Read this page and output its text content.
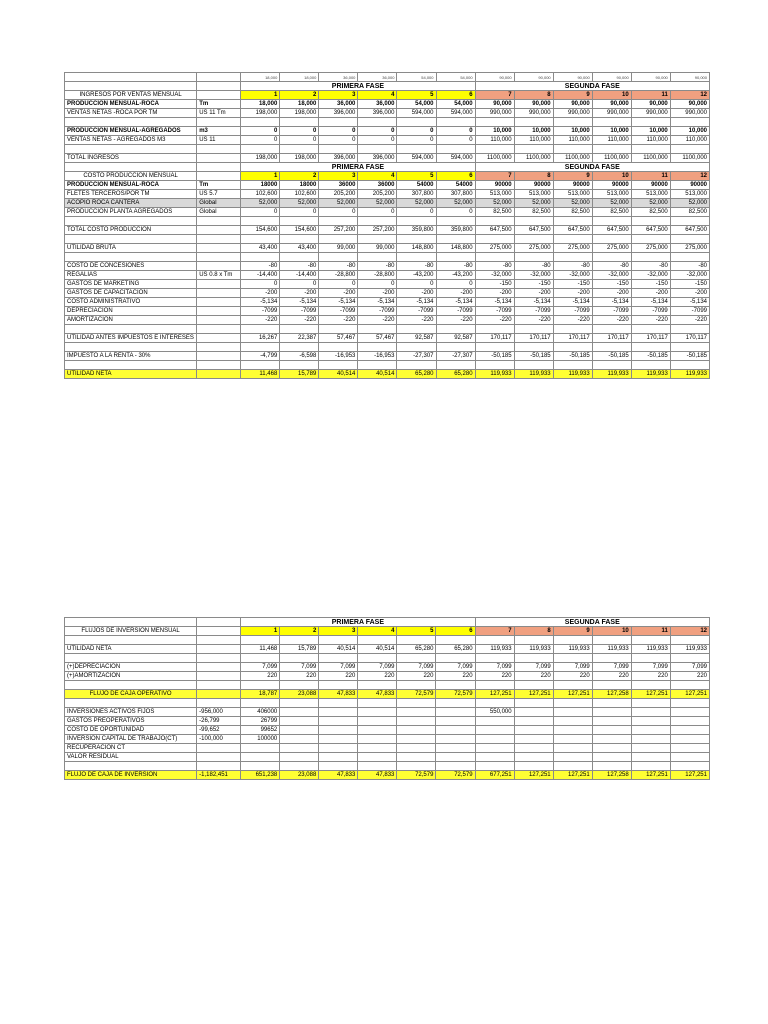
		18,000	18,000	36,000	36,000	54,000	54,000	90,000	90,000	90,000	90,000	90,000	90,000
		PRIMERA FASE						SEGUNDA FASE					
INGRESOS POR VENTAS MENSUAL		1	2	3	4	5	6	7	8	9	10	11	12
PRODUCCION MENSUAL-ROCA	Tm	18,000	18,000	36,000	36,000	54,000	54,000	90,000	90,000	90,000	90,000	90,000	90,000
VENTAS NETAS -ROCA POR TM	US 11 Tm	198,000	198,000	396,000	396,000	594,000	594,000	990,000	990,000	990,000	990,000	990,000	990,000

PRODUCCION MENSUAL-AGREGADOS	m3	0	0	0	0	0	0	10,000	10,000	10,000	10,000	10,000	10,000
VENTAS NETAS - AGREGADOS M3	US 11	0	0	0	0	0	0	110,000	110,000	110,000	110,000	110,000	110,000

TOTAL INGRESOS		198,000	198,000	396,000	396,000	594,000	594,000	1100,000	1100,000	1100,000	1100,000	1100,000	1100,000
		PRIMERA FASE						SEGUNDA FASE					
COSTO PRODUCCION MENSUAL		1	2	3	4	5	6	7	8	9	10	11	12
PRODUCCION MENSUAL-ROCA	Tm	18000	18000	36000	36000	54000	54000	90000	90000	90000	90000	90000	90000
FLETES TERCEROS/POR TM	US 5.7	102,600	102,600	205,200	205,200	307,800	307,800	513,000	513,000	513,000	513,000	513,000	513,000
ACOPIO ROCA CANTERA	Global	52,000	52,000	52,000	52,000	52,000	52,000	52,000	52,000	52,000	52,000	52,000	52,000
PRODUCCION PLANTA AGREGADOS	Global	0	0	0	0	0	0	82,500	82,500	82,500	82,500	82,500	82,500

TOTAL COSTO PRODUCCION		154,600	154,600	257,200	257,200	359,800	359,800	647,500	647,500	647,500	647,500	647,500	647,500

UTILIDAD BRUTA		43,400	43,400	99,000	99,000	148,800	148,800	275,000	275,000	275,000	275,000	275,000	275,000

COSTO DE CONCESIONES		-80	-80	-80	-80	-80	-80	-80	-80	-80	-80	-80	-80
REGALIAS	US 0.8 x Tm	-14,400	-14,400	-28,800	-28,800	-43,200	-43,200	-32,000	-32,000	-32,000	-32,000	-32,000	-32,000
GASTOS DE MARKETING		0	0	0	0	0	0	-150	-150	-150	-150	-150	-150
GASTOS DE CAPACITACION		-200	-200	-200	-200	-200	-200	-200	-200	-200	-200	-200	-200
COSTO ADMINISTRATIVO		-5,134	-5,134	-5,134	-5,134	-5,134	-5,134	-5,134	-5,134	-5,134	-5,134	-5,134	-5,134
DEPRECIACION		-7099	-7099	-7099	-7099	-7099	-7099	-7099	-7099	-7099	-7099	-7099	-7099
AMORTIZACION		-220	-220	-220	-220	-220	-220	-220	-220	-220	-220	-220	-220

UTILIDAD ANTES IMPUESTOS E INTERESES		16,267	22,387	57,467	57,467	92,587	92,587	170,117	170,117	170,117	170,117	170,117	170,117

IMPUESTO A LA RENTA - 30%		-4,799	-6,598	-16,953	-16,953	-27,307	-27,307	-50,185	-50,185	-50,185	-50,185	-50,185	-50,185

UTILIDAD NETA		11,468	15,789	40,514	40,514	65,280	65,280	119,933	119,933	119,933	119,933	119,933	119,933
		PRIMERA FASE						SEGUNDA FASE					
FLUJOS DE INVERSION MENSUAL		1	2	3	4	5	6	7	8	9	10	11	12

UTILIDAD NETA		11,468	15,789	40,514	40,514	65,280	65,280	119,933	119,933	119,933	119,933	119,933	119,933

(+)DEPRECIACION		7,099	7,099	7,099	7,099	7,099	7,099	7,099	7,099	7,099	7,099	7,099	7,099
(+)AMORTIZACION		220	220	220	220	220	220	220	220	220	220	220	220

FLUJO DE CAJA OPERATIVO		18,787	23,088	47,833	47,833	72,579	72,579	127,251	127,251	127,251	127,258	127,251	127,251

INVERSIONES ACTIVOS FIJOS	-956,000	406000						550,000					
GASTOS PREOPERATIVOS	-26,799	26799											
COSTO DE OPORTUNIDAD	-99,652	99652											
INVERSION CAPITAL DE TRABAJO(CT)	-100,000	100000											
RECUPERACION CT													
VALOR RESIDUAL													

FLUJO DE CAJA DE INVERSION	-1,182,451	651,238	23,088	47,833	47,833	72,579	72,579	677,251	127,251	127,251	127,258	127,251	127,251
